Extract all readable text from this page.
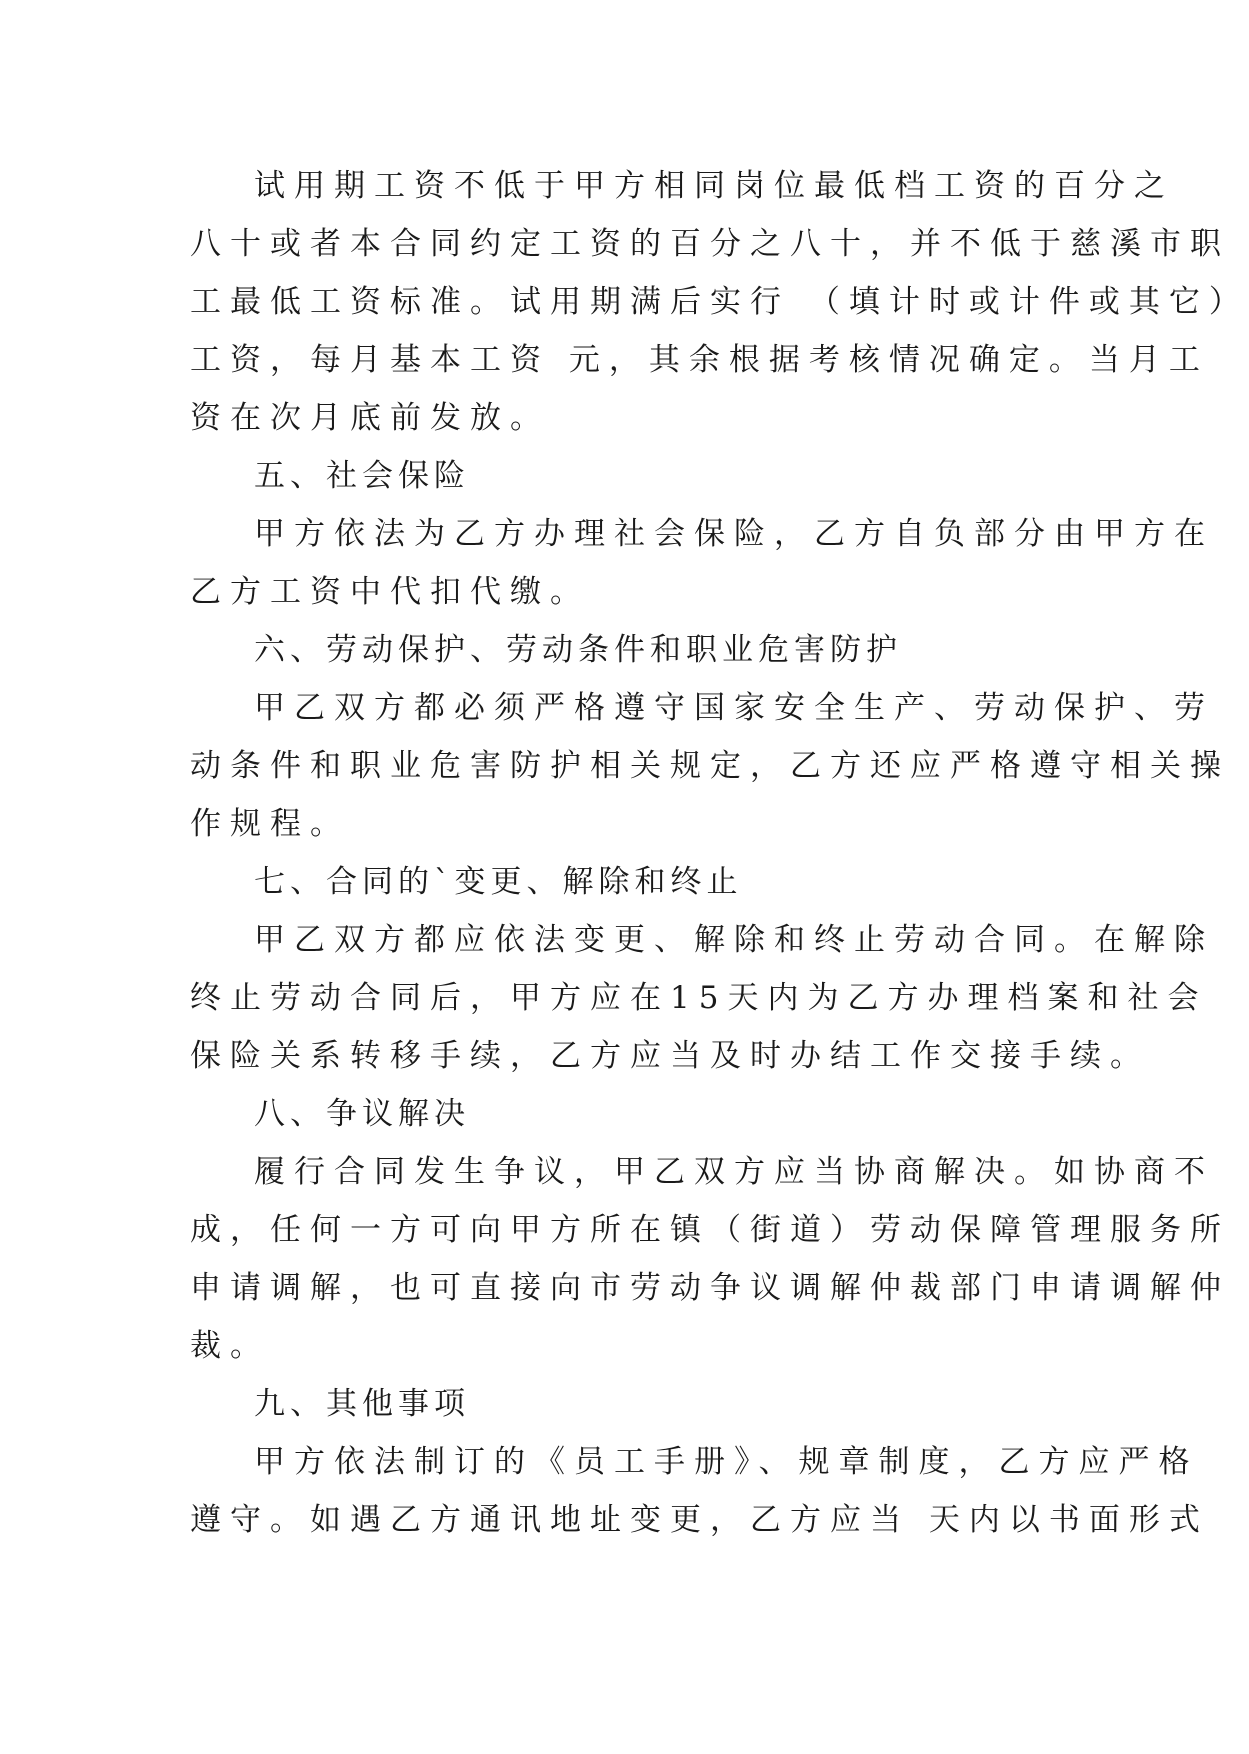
试用期工资不低于甲方相同岗位最低档工资的百分之
八十或者本合同约定工资的百分之八十，并不低于慈溪市职
工最低工资标准。试用期满后实行 （填计时或计件或其它）
工资，每月基本工资 元，其余根据考核情况确定。当月工
资在次月底前发放。
五、社会保险
甲方依法为乙方办理社会保险，乙方自负部分由甲方在
乙方工资中代扣代缴。
六、劳动保护、劳动条件和职业危害防护
甲乙双方都必须严格遵守国家安全生产、劳动保护、劳
动条件和职业危害防护相关规定，乙方还应严格遵守相关操
作规程。
七、合同的`变更、解除和终止
甲乙双方都应依法变更、解除和终止劳动合同。在解除
终止劳动合同后，甲方应在15天内为乙方办理档案和社会
保险关系转移手续，乙方应当及时办结工作交接手续。
八、争议解决
履行合同发生争议，甲乙双方应当协商解决。如协商不
成，任何一方可向甲方所在镇（街道）劳动保障管理服务所
申请调解，也可直接向市劳动争议调解仲裁部门申请调解仲
裁。
九、其他事项
甲方依法制订的《员工手册》、规章制度，乙方应严格
遵守。如遇乙方通讯地址变更，乙方应当 天内以书面形式
